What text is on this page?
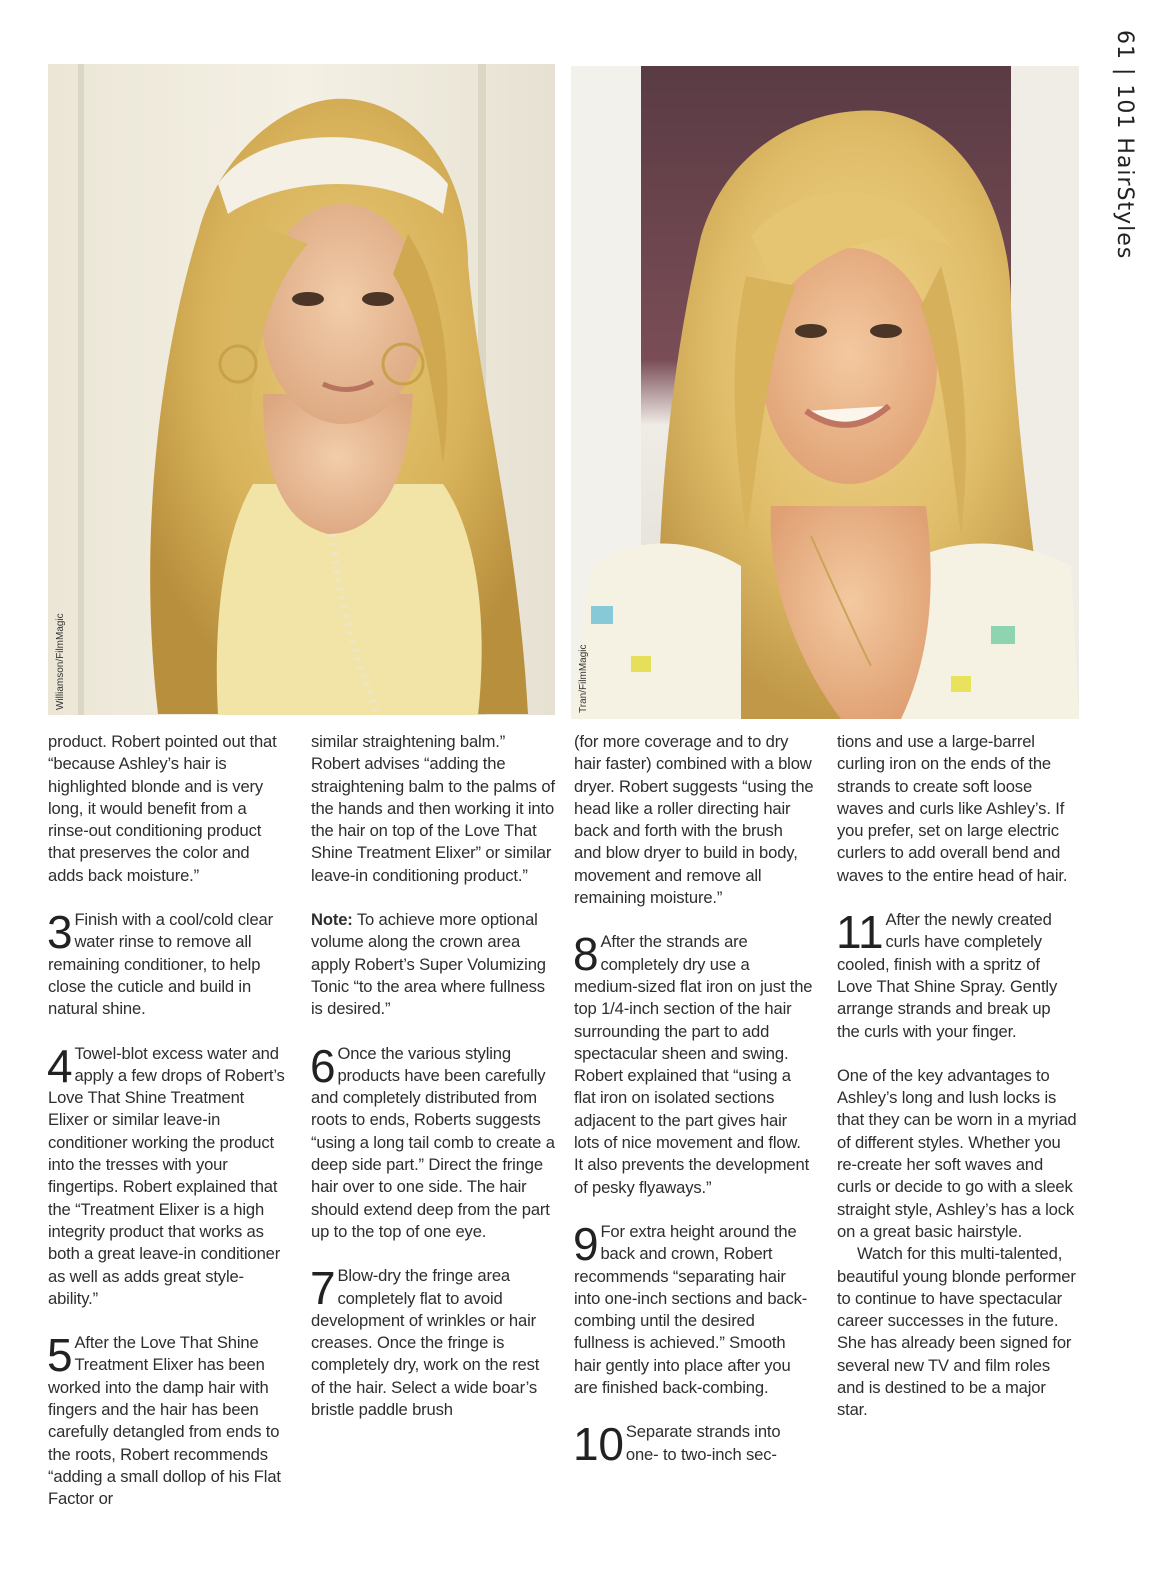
61 | 101 HairStyles
Williamson/FilmMagic	Tran/FilmMagic

product. Robert pointed out that “because Ashley’s hair is highlighted blonde and is very long, it would benefit from a rinse-out conditioning product that preserves the color and adds back moisture.”

3 Finish with a cool/cold clear water rinse to remove all remaining conditioner, to help close the cuticle and build in natural shine.

4 Towel-blot excess water and apply a few drops of Robert’s Love That Shine Treatment Elixer or similar leave-in conditioner working the product into the tresses with your fingertips. Robert explained that the “Treatment Elixer is a high integrity product that works as both a great leave-in conditioner as well as adds great style-ability.”

5 After the Love That Shine Treatment Elixer has been worked into the damp hair with fingers and the hair has been carefully detangled from ends to the roots, Robert recommends “adding a small dollop of his Flat Factor or

similar straightening balm.” Robert advises “adding the straightening balm to the palms of the hands and then working it into the hair on top of the Love That Shine Treatment Elixer” or similar leave-in conditioning product.”

Note: To achieve more optional volume along the crown area apply Robert’s Super Volumizing Tonic “to the area where fullness is desired.”

6 Once the various styling products have been carefully and completely distributed from roots to ends, Roberts suggests “using a long tail comb to create a deep side part.” Direct the fringe hair over to one side. The hair should extend deep from the part up to the top of one eye.

7 Blow-dry the fringe area completely flat to avoid development of wrinkles or hair creases. Once the fringe is completely dry, work on the rest of the hair. Select a wide boar’s bristle paddle brush

(for more coverage and to dry hair faster) combined with a blow dryer. Robert suggests “using the head like a roller directing hair back and forth with the brush and blow dryer to build in body, movement and remove all remaining moisture.”

8 After the strands are completely dry use a medium-sized flat iron on just the top 1/4-inch section of the hair surrounding the part to add spectacular sheen and swing. Robert explained that “using a flat iron on isolated sections adjacent to the part gives hair lots of nice movement and flow. It also prevents the development of pesky flyaways.”

9 For extra height around the back and crown, Robert recommends “separating hair into one-inch sections and back-combing until the desired fullness is achieved.” Smooth hair gently into place after you are finished back-combing.

10 Separate strands into one- to two-inch sec-

tions and use a large-barrel curling iron on the ends of the strands to create soft loose waves and curls like Ashley’s. If you prefer, set on large electric curlers to add overall bend and waves to the entire head of hair.

11 After the newly created curls have completely cooled, finish with a spritz of Love That Shine Spray. Gently arrange strands and break up the curls with your finger.

One of the key advantages to Ashley’s long and lush locks is that they can be worn in a myriad of different styles. Whether you re-create her soft waves and curls or decide to go with a sleek straight style, Ashley’s has a lock on a great basic hairstyle.

Watch for this multi-talented, beautiful young blonde performer to continue to have spectacular career successes in the future. She has already been signed for several new TV and film roles and is destined to be a major star.
